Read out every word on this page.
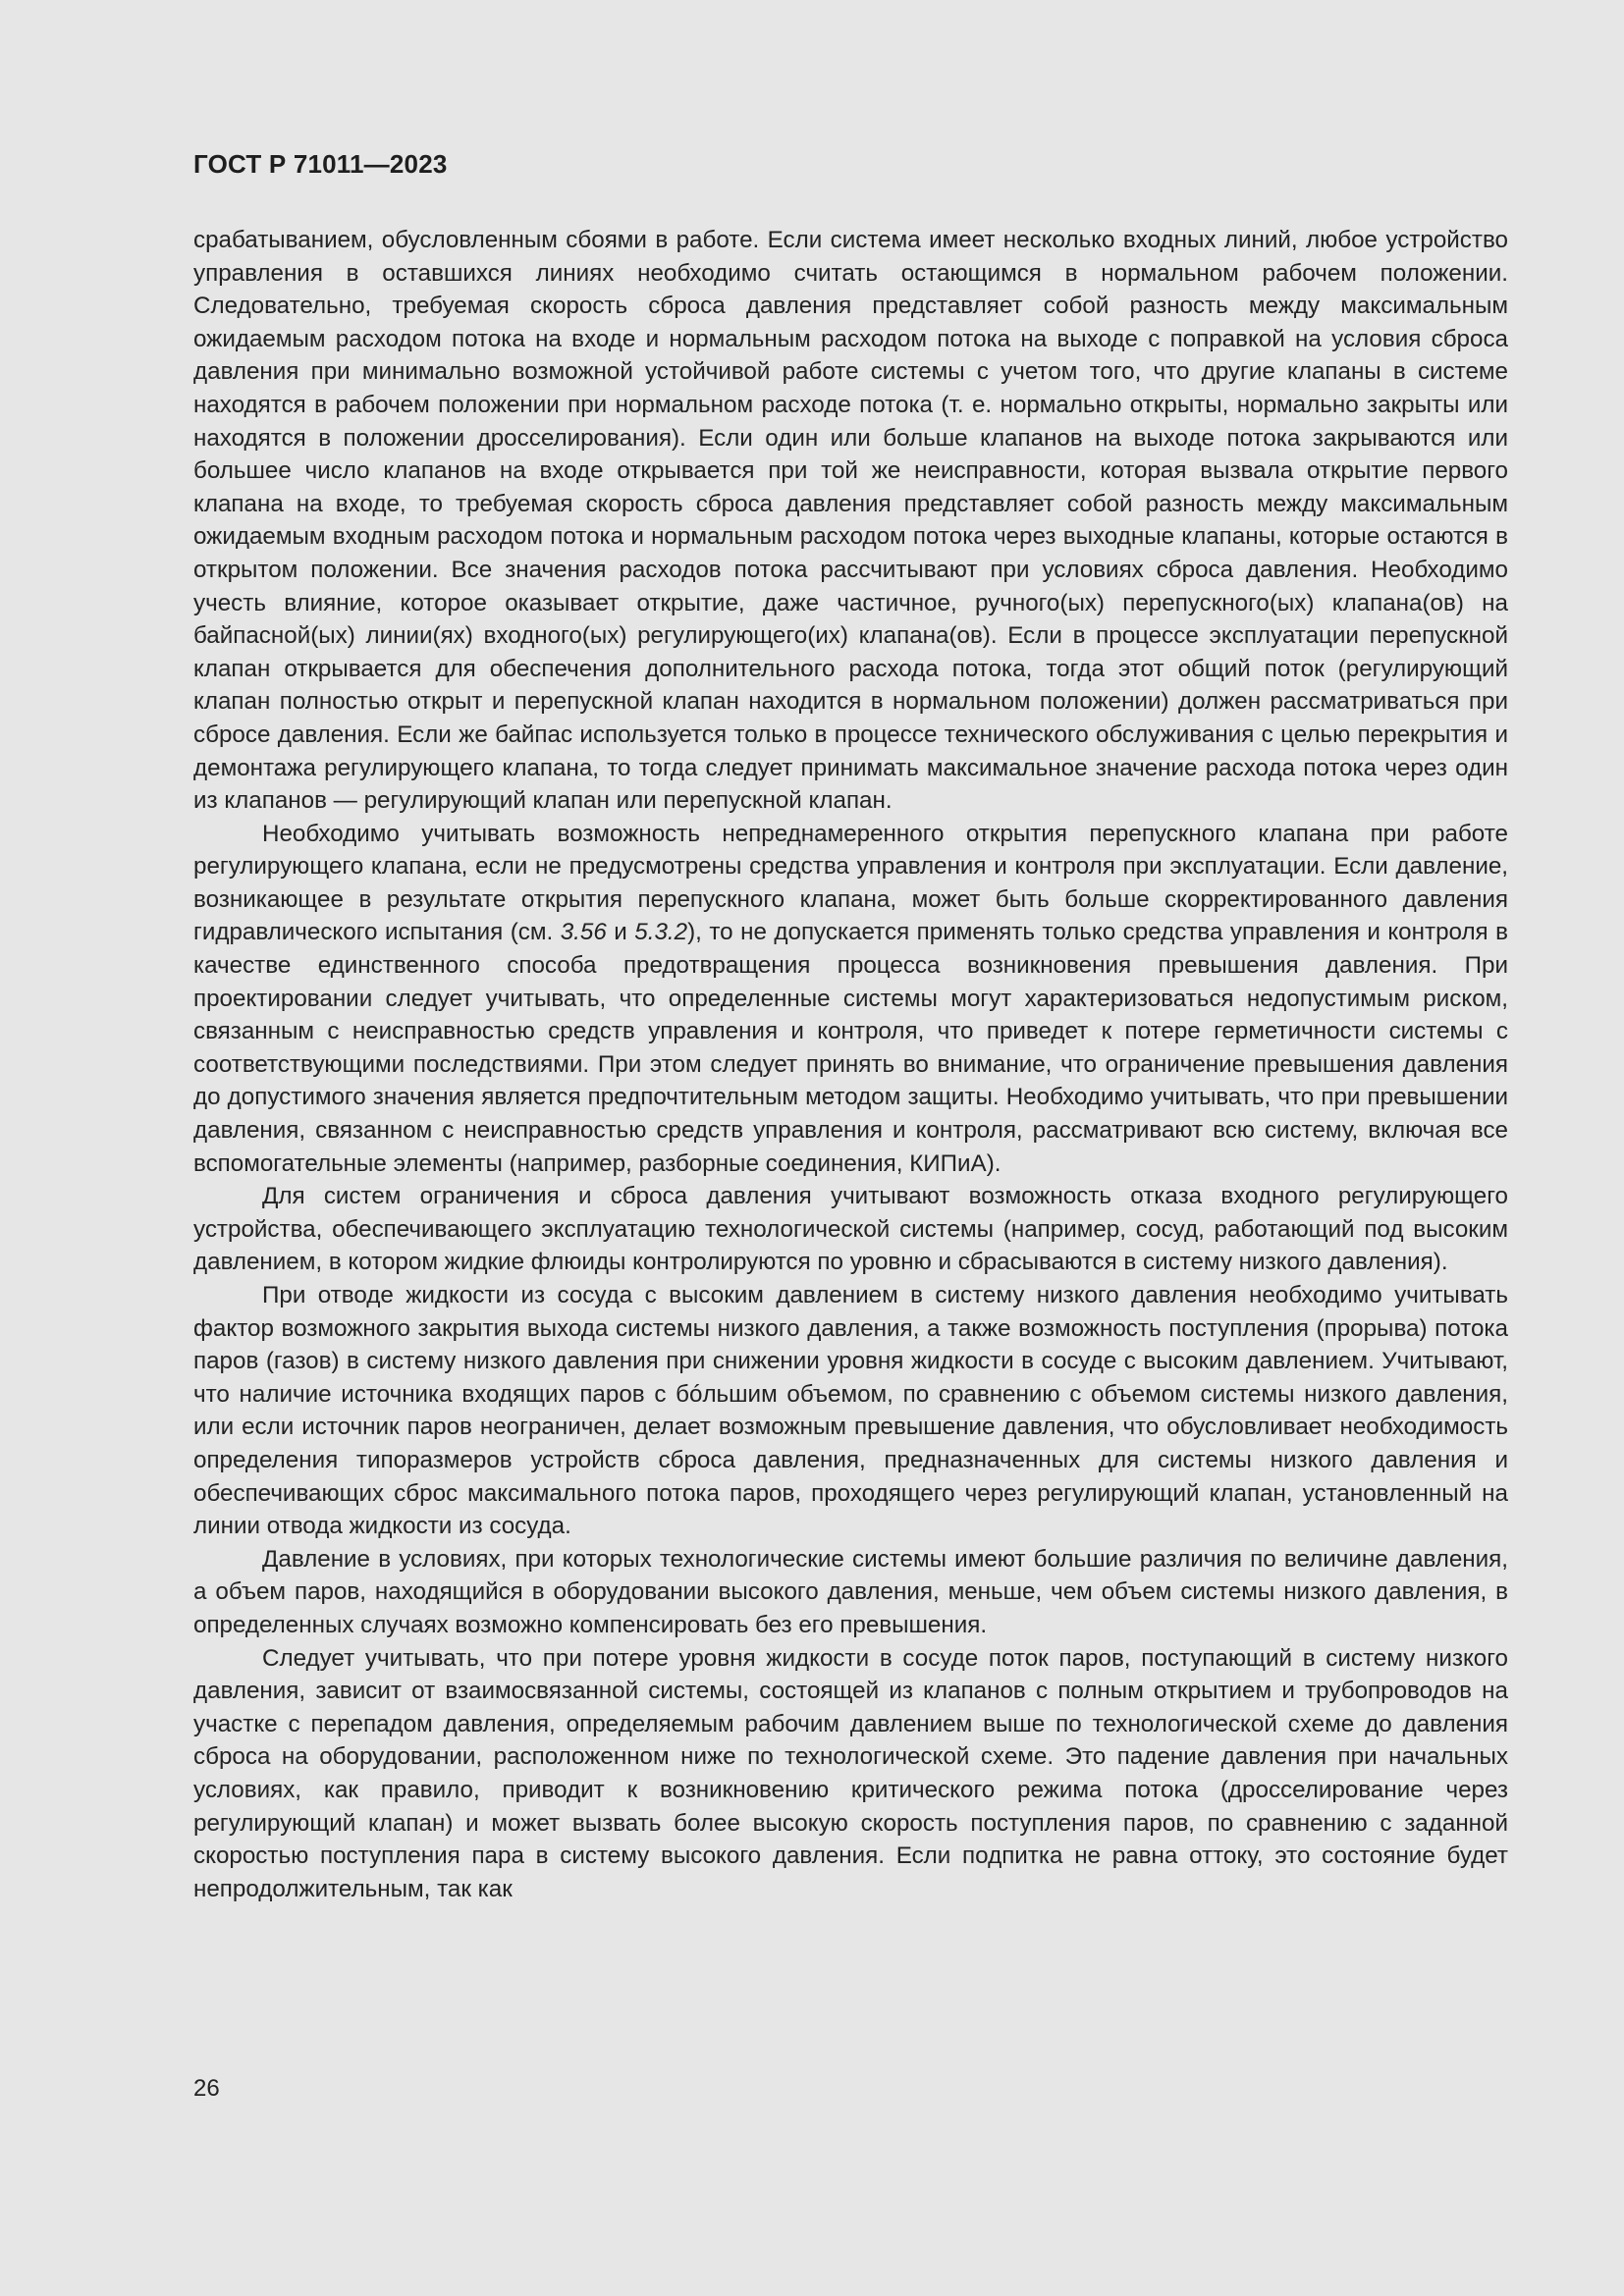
ГОСТ Р 71011—2023

срабатыванием, обусловленным сбоями в работе. Если система имеет несколько входных линий, любое устройство управления в оставшихся линиях необходимо считать остающимся в нормальном рабочем положении. Следовательно, требуемая скорость сброса давления представляет собой разность между максимальным ожидаемым расходом потока на входе и нормальным расходом потока на выходе с поправкой на условия сброса давления при минимально возможной устойчивой работе системы с учетом того, что другие клапаны в системе находятся в рабочем положении при нормальном расходе потока (т. е. нормально открыты, нормально закрыты или находятся в положении дросселирования). Если один или больше клапанов на выходе потока закрываются или большее число клапанов на входе открывается при той же неисправности, которая вызвала открытие первого клапана на входе, то требуемая скорость сброса давления представляет собой разность между максимальным ожидаемым входным расходом потока и нормальным расходом потока через выходные клапаны, которые остаются в открытом положении. Все значения расходов потока рассчитывают при условиях сброса давления. Необходимо учесть влияние, которое оказывает открытие, даже частичное, ручного(ых) перепускного(ых) клапана(ов) на байпасной(ых) линии(ях) входного(ых) регулирующего(их) клапана(ов). Если в процессе эксплуатации перепускной клапан открывается для обеспечения дополнительного расхода потока, тогда этот общий поток (регулирующий клапан полностью открыт и перепускной клапан находится в нормальном положении) должен рассматриваться при сбросе давления. Если же байпас используется только в процессе технического обслуживания с целью перекрытия и демонтажа регулирующего клапана, то тогда следует принимать максимальное значение расхода потока через один из клапанов — регулирующий клапан или перепускной клапан.

Необходимо учитывать возможность непреднамеренного открытия перепускного клапана при работе регулирующего клапана, если не предусмотрены средства управления и контроля при эксплуатации. Если давление, возникающее в результате открытия перепускного клапана, может быть больше скорректированного давления гидравлического испытания (см. 3.56 и 5.3.2), то не допускается применять только средства управления и контроля в качестве единственного способа предотвращения процесса возникновения превышения давления. При проектировании следует учитывать, что определенные системы могут характеризоваться недопустимым риском, связанным с неисправностью средств управления и контроля, что приведет к потере герметичности системы с соответствующими последствиями. При этом следует принять во внимание, что ограничение превышения давления до допустимого значения является предпочтительным методом защиты. Необходимо учитывать, что при превышении давления, связанном с неисправностью средств управления и контроля, рассматривают всю систему, включая все вспомогательные элементы (например, разборные соединения, КИПиА).

Для систем ограничения и сброса давления учитывают возможность отказа входного регулирующего устройства, обеспечивающего эксплуатацию технологической системы (например, сосуд, работающий под высоким давлением, в котором жидкие флюиды контролируются по уровню и сбрасываются в систему низкого давления).

При отводе жидкости из сосуда с высоким давлением в систему низкого давления необходимо учитывать фактор возможного закрытия выхода системы низкого давления, а также возможность поступления (прорыва) потока паров (газов) в систему низкого давления при снижении уровня жидкости в сосуде с высоким давлением. Учитывают, что наличие источника входящих паров с бóльшим объемом, по сравнению с объемом системы низкого давления, или если источник паров неограничен, делает возможным превышение давления, что обусловливает необходимость определения типоразмеров устройств сброса давления, предназначенных для системы низкого давления и обеспечивающих сброс максимального потока паров, проходящего через регулирующий клапан, установленный на линии отвода жидкости из сосуда.

Давление в условиях, при которых технологические системы имеют большие различия по величине давления, а объем паров, находящийся в оборудовании высокого давления, меньше, чем объем системы низкого давления, в определенных случаях возможно компенсировать без его превышения.

Следует учитывать, что при потере уровня жидкости в сосуде поток паров, поступающий в систему низкого давления, зависит от взаимосвязанной системы, состоящей из клапанов с полным открытием и трубопроводов на участке с перепадом давления, определяемым рабочим давлением выше по технологической схеме до давления сброса на оборудовании, расположенном ниже по технологической схеме. Это падение давления при начальных условиях, как правило, приводит к возникновению критического режима потока (дросселирование через регулирующий клапан) и может вызвать более высокую скорость поступления паров, по сравнению с заданной скоростью поступления пара в систему высокого давления. Если подпитка не равна оттоку, это состояние будет непродолжительным, так как

26
